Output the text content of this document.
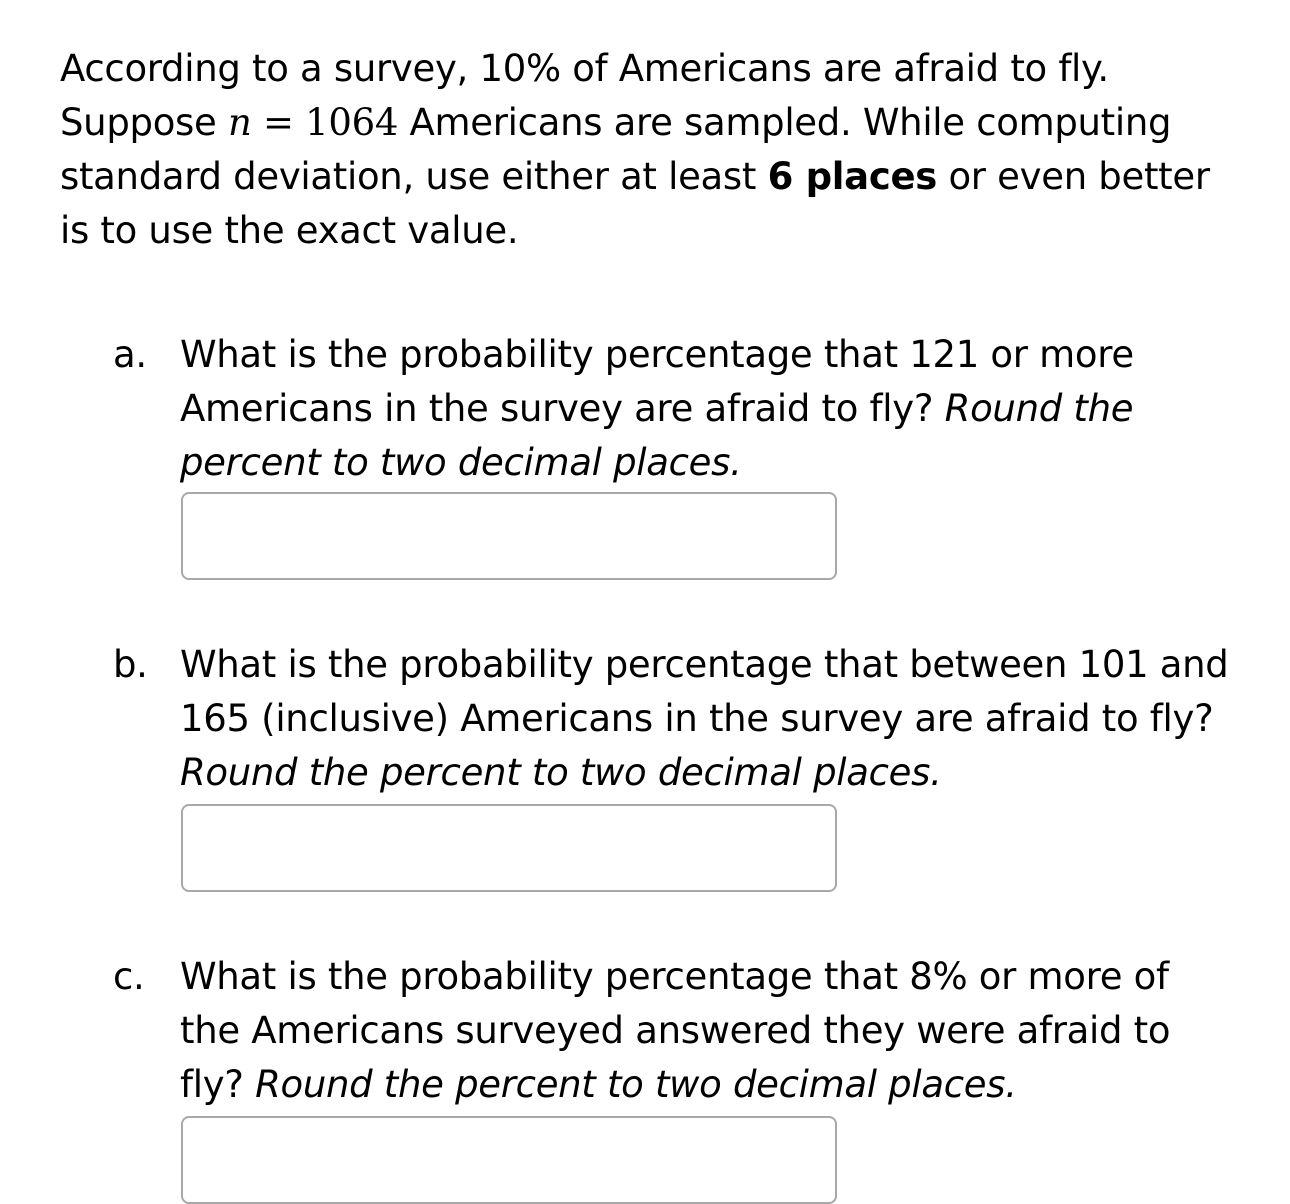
According to a survey, 10% of Americans are afraid to fly. Suppose n = 1064 Americans are sampled. While computing standard deviation, use either at least 6 places or even better is to use the exact value.
a. What is the probability percentage that 121 or more Americans in the survey are afraid to fly? Round the percent to two decimal places.
b. What is the probability percentage that between 101 and 165 (inclusive) Americans in the survey are afraid to fly? Round the percent to two decimal places.
c. What is the probability percentage that 8% or more of the Americans surveyed answered they were afraid to fly? Round the percent to two decimal places.
